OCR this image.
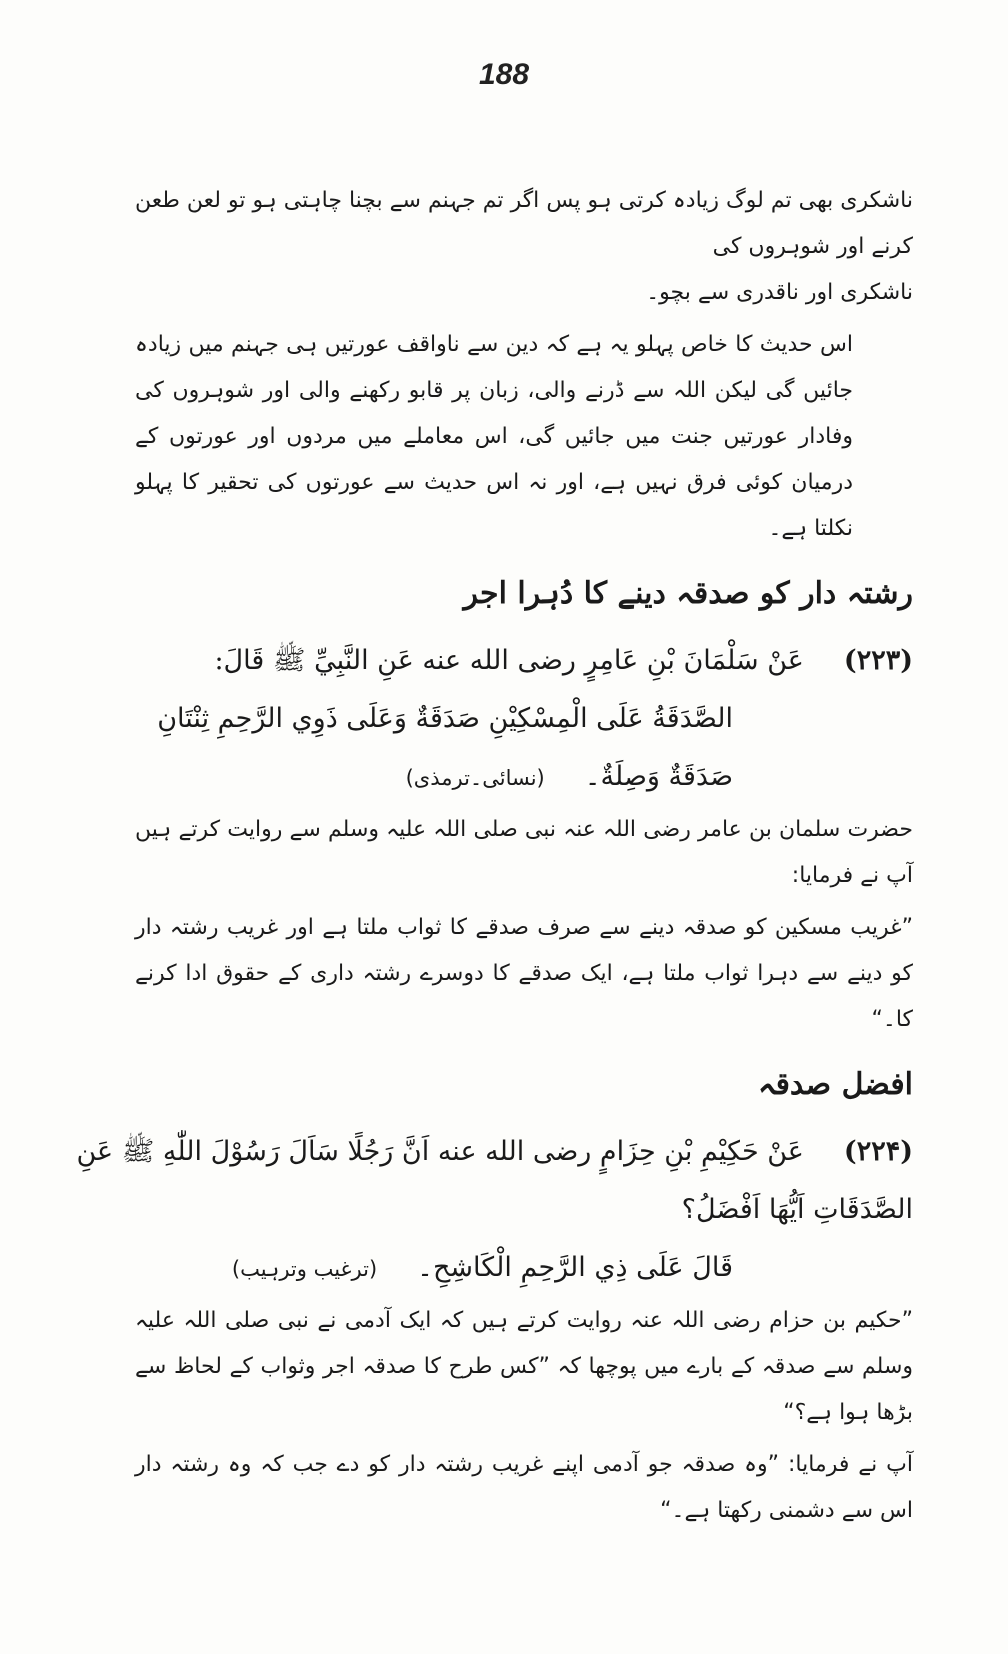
188

ناشکری بھی تم لوگ زیادہ کرتی ہو پس اگر تم جہنم سے بچنا چاہتی ہو تو لعن طعن کرنے اور شوہروں کی

ناشکری اور ناقدری سے بچو۔

اس حدیث کا خاص پہلو یہ ہے کہ دین سے ناواقف عورتیں ہی جہنم میں زیادہ جائیں گی لیکن اللہ سے ڈرنے والی، زبان پر قابو رکھنے والی اور شوہروں کی وفادار عورتیں جنت میں جائیں گی، اس معاملے میں مردوں اور عورتوں کے درمیان کوئی فرق نہیں ہے، اور نہ اس حدیث سے عورتوں کی تحقیر کا پہلو نکلتا ہے۔

رشتہ دار کو صدقہ دینے کا دُہرا اجر
(۲۲۳)عَنْ سَلْمَانَ بْنِ عَامِرٍ رضی الله عنه عَنِ النَّبِيِّ ﷺ قَالَ:
الصَّدَقَةُ عَلَى الْمِسْكِيْنِ صَدَقَةٌ وَعَلَى ذَوِي الرَّحِمِ ثِنْتَانِ
صَدَقَةٌ وَصِلَةٌ۔(نسائی۔ترمذی)

حضرت سلمان بن عامر رضی اللہ عنہ نبی صلی اللہ علیہ وسلم سے روایت کرتے ہیں آپ نے فرمایا:

”غریب مسکین کو صدقہ دینے سے صرف صدقے کا ثواب ملتا ہے اور غریب رشتہ دار کو دینے سے دہرا ثواب ملتا ہے، ایک صدقے کا دوسرے رشتہ داری کے حقوق ادا کرنے کا۔“

افضل صدقہ
(۲۲۴)عَنْ حَكِيْمِ بْنِ حِزَامٍ رضی الله عنه اَنَّ رَجُلًا سَاَلَ رَسُوْلَ اللّٰهِ ﷺ عَنِ
الصَّدَقَاتِ اَيُّهَا اَفْضَلُ؟
قَالَ عَلَى ذِي الرَّحِمِ الْكَاشِحِ۔(ترغیب وترہیب)

”حکیم بن حزام رضی اللہ عنہ روایت کرتے ہیں کہ ایک آدمی نے نبی صلی اللہ علیہ وسلم سے صدقہ کے بارے میں پوچھا کہ ”کس طرح کا صدقہ اجر وثواب کے لحاظ سے بڑھا ہوا ہے؟“

آپ نے فرمایا: ”وہ صدقہ جو آدمی اپنے غریب رشتہ دار کو دے جب کہ وہ رشتہ دار اس سے دشمنی رکھتا ہے۔“
